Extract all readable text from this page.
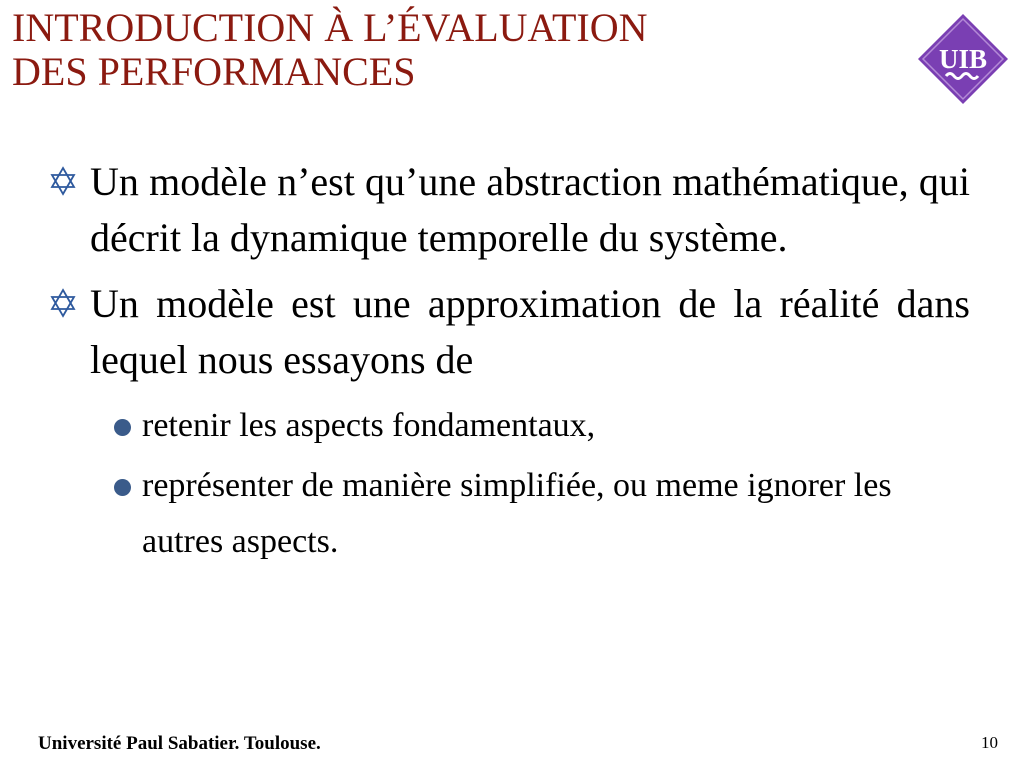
INTRODUCTION À L’ÉVALUATION
DES PERFORMANCES	UIB
Un modèle n’est qu’une abstraction mathématique, qui décrit la dynamique temporelle du système.
Un modèle est une approximation de la réalité dans lequel nous essayons de
retenir les aspects fondamentaux,
représenter de manière simplifiée, ou meme ignorer les autres aspects.
Université Paul Sabatier. Toulouse.	10
